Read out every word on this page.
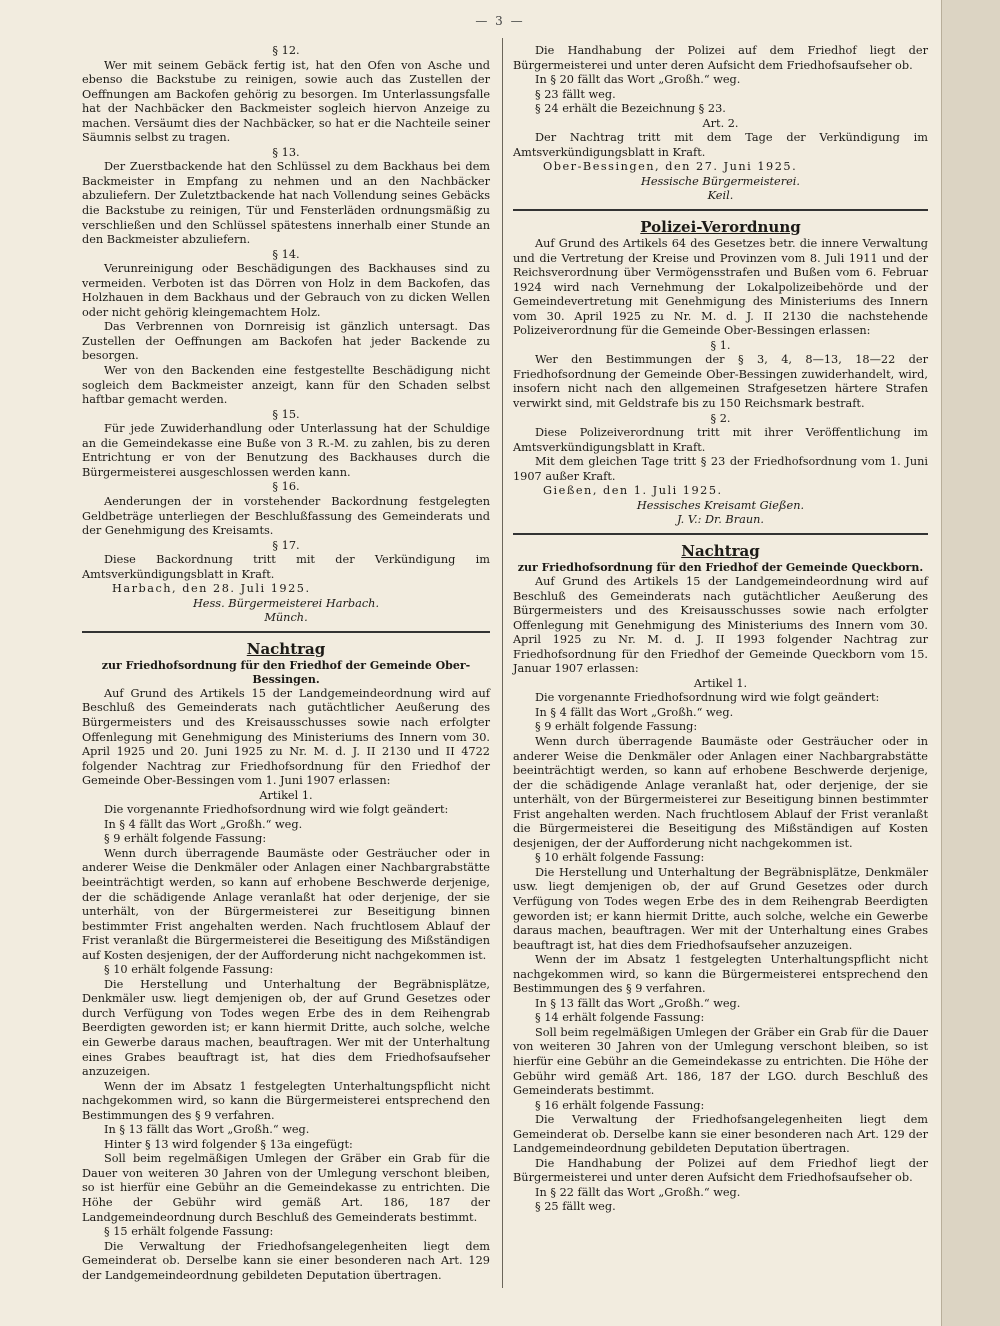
— 3 —

§ 12.

Wer mit seinem Gebäck fertig ist, hat den Ofen von Asche und ebenso die Backstube zu reinigen, sowie auch das Zustellen der Oeffnungen am Backofen gehörig zu besorgen. Im Unterlassungsfalle hat der Nachbäcker den Backmeister sogleich hiervon Anzeige zu machen. Versäumt dies der Nachbäcker, so hat er die Nachteile seiner Säumnis selbst zu tragen.

§ 13.

Der Zuerstbackende hat den Schlüssel zu dem Backhaus bei dem Backmeister in Empfang zu nehmen und an den Nachbäcker abzuliefern. Der Zuletztbackende hat nach Vollendung seines Gebäcks die Backstube zu reinigen, Tür und Fensterläden ordnungsmäßig zu verschließen und den Schlüssel spätestens innerhalb einer Stunde an den Backmeister abzuliefern.

§ 14.

Verunreinigung oder Beschädigungen des Backhauses sind zu vermeiden. Verboten ist das Dörren von Holz in dem Backofen, das Holzhauen in dem Backhaus und der Gebrauch von zu dicken Wellen oder nicht gehörig kleingemachtem Holz.

Das Verbrennen von Dornreisig ist gänzlich untersagt. Das Zustellen der Oeffnungen am Backofen hat jeder Backende zu besorgen.

Wer von den Backenden eine festgestellte Beschädigung nicht sogleich dem Backmeister anzeigt, kann für den Schaden selbst haftbar gemacht werden.

§ 15.

Für jede Zuwiderhandlung oder Unterlassung hat der Schuldige an die Gemeindekasse eine Buße von 3 R.-M. zu zahlen, bis zu deren Entrichtung er von der Benutzung des Backhauses durch die Bürgermeisterei ausgeschlossen werden kann.

§ 16.

Aenderungen der in vorstehender Backordnung festgelegten Geldbeträge unterliegen der Beschlußfassung des Gemeinderats und der Genehmigung des Kreisamts.

§ 17.

Diese Backordnung tritt mit der Verkündigung im Amtsverkündigungsblatt in Kraft.

Harbach, den 28. Juli 1925.

Hess. Bürgermeisterei Harbach.

Münch.

Nachtrag

zur Friedhofsordnung für den Friedhof der Gemeinde Ober-Bessingen.

Auf Grund des Artikels 15 der Landgemeindeordnung wird auf Beschluß des Gemeinderats nach gutächtlicher Aeußerung des Bürgermeisters und des Kreisausschusses sowie nach erfolgter Offenlegung mit Genehmigung des Ministeriums des Innern vom 30. April 1925 und 20. Juni 1925 zu Nr. M. d. J. II 2130 und II 4722 folgender Nachtrag zur Friedhofsordnung für den Friedhof der Gemeinde Ober-Bessingen vom 1. Juni 1907 erlassen:

Artikel 1.

Die vorgenannte Friedhofsordnung wird wie folgt geändert:

In § 4 fällt das Wort „Großh.“ weg.

§ 9 erhält folgende Fassung:

Wenn durch überragende Baumäste oder Gesträucher oder in anderer Weise die Denkmäler oder Anlagen einer Nachbargrabstätte beeinträchtigt werden, so kann auf erhobene Beschwerde derjenige, der die schädigende Anlage veranlaßt hat oder derjenige, der sie unterhält, von der Bürgermeisterei zur Beseitigung binnen bestimmter Frist angehalten werden. Nach fruchtlosem Ablauf der Frist veranlaßt die Bürgermeisterei die Beseitigung des Mißständigen auf Kosten desjenigen, der der Aufforderung nicht nachgekommen ist.

§ 10 erhält folgende Fassung:

Die Herstellung und Unterhaltung der Begräbnisplätze, Denkmäler usw. liegt demjenigen ob, der auf Grund Gesetzes oder durch Verfügung von Todes wegen Erbe des in dem Reihengrab Beerdigten geworden ist; er kann hiermit Dritte, auch solche, welche ein Gewerbe daraus machen, beauftragen. Wer mit der Unterhaltung eines Grabes beauftragt ist, hat dies dem Friedhofsaufseher anzuzeigen.

Wenn der im Absatz 1 festgelegten Unterhaltungspflicht nicht nachgekommen wird, so kann die Bürgermeisterei entsprechend den Bestimmungen des § 9 verfahren.

In § 13 fällt das Wort „Großh.“ weg.

Hinter § 13 wird folgender § 13a eingefügt:

Soll beim regelmäßigen Umlegen der Gräber ein Grab für die Dauer von weiteren 30 Jahren von der Umlegung verschont bleiben, so ist hierfür eine Gebühr an die Gemeindekasse zu entrichten. Die Höhe der Gebühr wird gemäß Art. 186, 187 der Landgemeindeordnung durch Beschluß des Gemeinderats bestimmt.

§ 15 erhält folgende Fassung:

Die Verwaltung der Friedhofsangelegenheiten liegt dem Gemeinderat ob. Derselbe kann sie einer besonderen nach Art. 129 der Landgemeindeordnung gebildeten Deputation übertragen.

Die Handhabung der Polizei auf dem Friedhof liegt der Bürgermeisterei und unter deren Aufsicht dem Friedhofsaufseher ob.

In § 20 fällt das Wort „Großh.“ weg.

§ 23 fällt weg.

§ 24 erhält die Bezeichnung § 23.

Art. 2.

Der Nachtrag tritt mit dem Tage der Verkündigung im Amtsverkündigungsblatt in Kraft.

Ober-Bessingen, den 27. Juni 1925.

Hessische Bürgermeisterei.

Keil.

Polizei-Verordnung

Auf Grund des Artikels 64 des Gesetzes betr. die innere Verwaltung und die Vertretung der Kreise und Provinzen vom 8. Juli 1911 und der Reichsverordnung über Vermögensstrafen und Bußen vom 6. Februar 1924 wird nach Vernehmung der Lokalpolizeibehörde und der Gemeindevertretung mit Genehmigung des Ministeriums des Innern vom 30. April 1925 zu Nr. M. d. J. II 2130 die nachstehende Polizeiverordnung für die Gemeinde Ober-Bessingen erlassen:

§ 1.

Wer den Bestimmungen der § 3, 4, 8—13, 18—22 der Friedhofsordnung der Gemeinde Ober-Bessingen zuwiderhandelt, wird, insofern nicht nach den allgemeinen Strafgesetzen härtere Strafen verwirkt sind, mit Geldstrafe bis zu 150 Reichsmark bestraft.

§ 2.

Diese Polizeiverordnung tritt mit ihrer Veröffentlichung im Amtsverkündigungsblatt in Kraft.

Mit dem gleichen Tage tritt § 23 der Friedhofsordnung vom 1. Juni 1907 außer Kraft.

Gießen, den 1. Juli 1925.

Hessisches Kreisamt Gießen.

J. V.: Dr. Braun.

Nachtrag

zur Friedhofsordnung für den Friedhof der Gemeinde Queckborn.

Auf Grund des Artikels 15 der Landgemeindeordnung wird auf Beschluß des Gemeinderats nach gutächtlicher Aeußerung des Bürgermeisters und des Kreisausschusses sowie nach erfolgter Offenlegung mit Genehmigung des Ministeriums des Innern vom 30. April 1925 zu Nr. M. d. J. II 1993 folgender Nachtrag zur Friedhofsordnung für den Friedhof der Gemeinde Queckborn vom 15. Januar 1907 erlassen:

Artikel 1.

Die vorgenannte Friedhofsordnung wird wie folgt geändert:

In § 4 fällt das Wort „Großh.“ weg.

§ 9 erhält folgende Fassung:

Wenn durch überragende Baumäste oder Gesträucher oder in anderer Weise die Denkmäler oder Anlagen einer Nachbargrabstätte beeinträchtigt werden, so kann auf erhobene Beschwerde derjenige, der die schädigende Anlage veranlaßt hat, oder derjenige, der sie unterhält, von der Bürgermeisterei zur Beseitigung binnen bestimmter Frist angehalten werden. Nach fruchtlosem Ablauf der Frist veranlaßt die Bürgermeisterei die Beseitigung des Mißständigen auf Kosten desjenigen, der der Aufforderung nicht nachgekommen ist.

§ 10 erhält folgende Fassung:

Die Herstellung und Unterhaltung der Begräbnisplätze, Denkmäler usw. liegt demjenigen ob, der auf Grund Gesetzes oder durch Verfügung von Todes wegen Erbe des in dem Reihengrab Beerdigten geworden ist; er kann hiermit Dritte, auch solche, welche ein Gewerbe daraus machen, beauftragen. Wer mit der Unterhaltung eines Grabes beauftragt ist, hat dies dem Friedhofsaufseher anzuzeigen.

Wenn der im Absatz 1 festgelegten Unterhaltungspflicht nicht nachgekommen wird, so kann die Bürgermeisterei entsprechend den Bestimmungen des § 9 verfahren.

In § 13 fällt das Wort „Großh.“ weg.

§ 14 erhält folgende Fassung:

Soll beim regelmäßigen Umlegen der Gräber ein Grab für die Dauer von weiteren 30 Jahren von der Umlegung verschont bleiben, so ist hierfür eine Gebühr an die Gemeindekasse zu entrichten. Die Höhe der Gebühr wird gemäß Art. 186, 187 der LGO. durch Beschluß des Gemeinderats bestimmt.

§ 16 erhält folgende Fassung:

Die Verwaltung der Friedhofsangelegenheiten liegt dem Gemeinderat ob. Derselbe kann sie einer besonderen nach Art. 129 der Landgemeindeordnung gebildeten Deputation übertragen.

Die Handhabung der Polizei auf dem Friedhof liegt der Bürgermeisterei und unter deren Aufsicht dem Friedhofsaufseher ob.

In § 22 fällt das Wort „Großh.“ weg.

§ 25 fällt weg.
